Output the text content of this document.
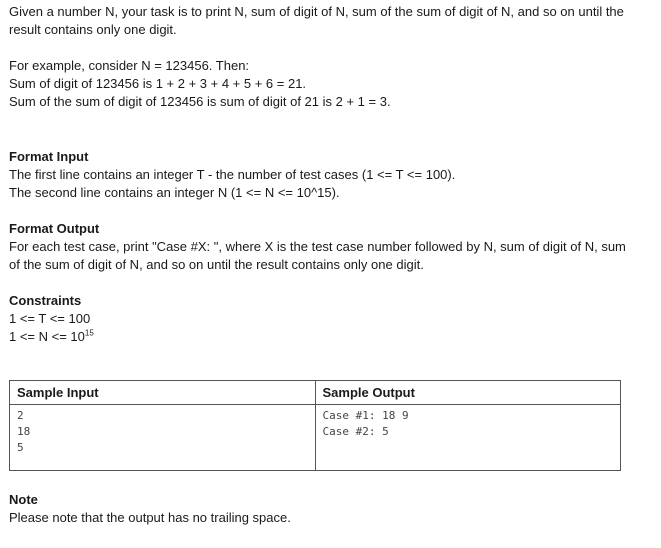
Given a number N, your task is to print N, sum of digit of N, sum of the sum of digit of N, and so on until the

result contains only one digit.

For example, consider N = 123456. Then:

Sum of digit of 123456 is 1 + 2 + 3 + 4 + 5 + 6 = 21.

Sum of the sum of digit of 123456 is sum of digit of 21 is 2 + 1 = 3.

Format Input

The first line contains an integer T - the number of test cases (1 <= T <= 100).

The second line contains an integer N (1 <= N <= 10^15).

Format Output

For each test case, print "Case #X: ", where X is the test case number followed by N, sum of digit of N, sum

of the sum of digit of N, and so on until the result contains only one digit.

Constraints

1 <= T <= 100

$1 <= N <= 10^{15}$

Sample Input
2
18
5
Sample Output
Case #1: 18 9
Case #2: 5

Note

Please note that the output has no trailing space.
